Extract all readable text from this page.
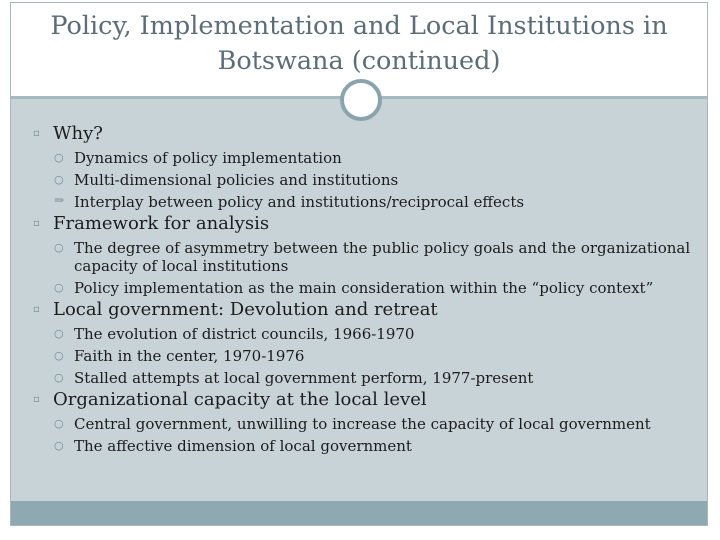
Policy, Implementation and Local Institutions in
Botswana (continued)
▫ Why?
○ Dynamics of policy implementation
○ Multi-dimensional policies and institutions
⇒ Interplay between policy and institutions/reciprocal effects
▫ Framework for analysis
○ The degree of asymmetry between the public policy goals and the organizational capacity of local institutions
○ Policy implementation as the main consideration within the “policy context”
▫ Local government: Devolution and retreat
○ The evolution of district councils, 1966-1970
○ Faith in the center, 1970-1976
○ Stalled attempts at local government perform, 1977-present
▫ Organizational capacity at the local level
○ Central government, unwilling to increase the capacity of local government
○ The affective dimension of local government
